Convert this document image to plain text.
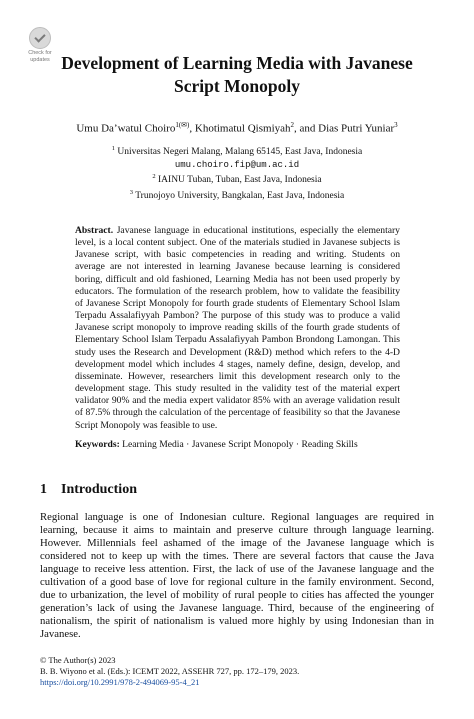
Check for
updates Development of Learning Media with Javanese Script Monopoly
Umu Da’watul Choiro$^{1(✉)}$, Khotimatul Qismiyah$^2$, and Dias Putri Yuniar$^3$
$^1$ Universitas Negeri Malang, Malang 65145, East Java, Indonesia
umu.choiro.fip@um.ac.id
$^2$ IAINU Tuban, Tuban, East Java, Indonesia
$^3$ Trunojoyo University, Bangkalan, East Java, Indonesia
Abstract. Javanese language in educational institutions, especially the elementary level, is a local content subject. One of the materials studied in Javanese subjects is Javanese script, with basic competencies in reading and writing. Students on average are not interested in learning Javanese because learning is considered boring, difficult and old fashioned, Learning Media has not been used properly by educators. The formulation of the research problem, how to validate the feasibility of Javanese Script Monopoly for fourth grade students of Elementary School Islam Terpadu Assalafiyyah Pambon? The purpose of this study was to produce a valid Javanese script monopoly to improve reading skills of the fourth grade students of Elementary School Islam Terpadu Assalafiyyah Pambon Brondong Lamongan. This study uses the Research and Development (R&D) method which refers to the 4-D development model which includes 4 stages, namely define, design, develop, and disseminate. However, researchers limit this development research only to the development stage. This study resulted in the validity test of the material expert validator 90% and the media expert validator 85% with an average validation result of 87.5% through the calculation of the percentage of feasibility so that the Javanese Script Monopoly was feasible to use.
Keywords: Learning Media · Javanese Script Monopoly · Reading Skills
1 Introduction
Regional language is one of Indonesian culture. Regional languages are required in learning, because it aims to maintain and preserve culture through language learning. However. Millennials feel ashamed of the image of the Javanese language which is considered not to keep up with the times. There are several factors that cause the Java language to receive less attention. First, the lack of use of the Javanese language and the cultivation of a good base of love for regional culture in the family environment. Second, due to urbanization, the level of mobility of rural people to cities has affected the younger generation’s lack of using the Javanese language. Third, because of the engineering of nationalism, the spirit of nationalism is valued more highly by using Indonesian than in Javanese.
© The Author(s) 2023
B. B. Wiyono et al. (Eds.): ICEMT 2022, ASSEHR 727, pp. 172–179, 2023.
https://doi.org/10.2991/978-2-494069-95-4_21
